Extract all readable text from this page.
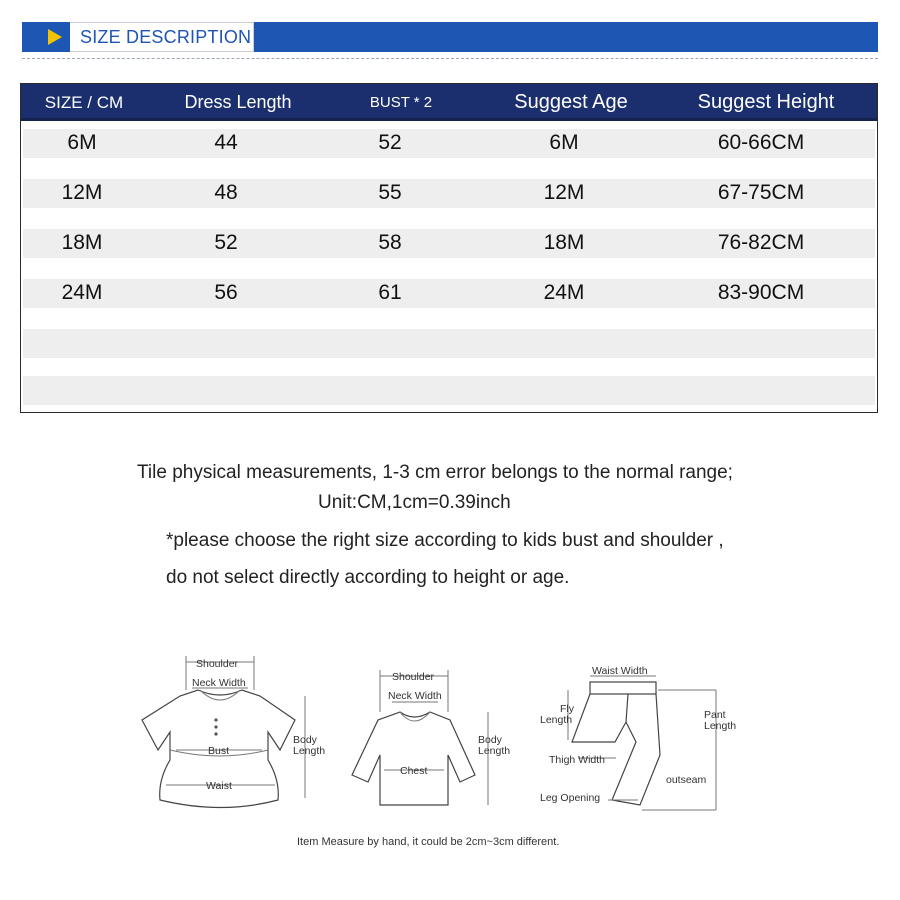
SIZE DESCRIPTION
SIZE / CM	Dress Length	BUST * 2	Suggest Age	Suggest Height
6M	44	52	6M	60-66CM
12M	48	55	12M	67-75CM
18M	52	58	18M	76-82CM
24M	56	61	24M	83-90CM
Tile physical measurements, 1-3 cm error belongs to the normal range;
Unit:CM,1cm=0.39inch
*please choose the right size according to kids bust and shoulder ,
do not select directly according to height or age.
Shoulder
Neck Width
Bust
Waist
Body
Length
Shoulder
Neck Width
Chest
Body
Length
Waist Width
Fly
Length	Pant
Length
Thigh Width
outseam
Leg Opening
Item Measure by hand, it could be 2cm~3cm different.
